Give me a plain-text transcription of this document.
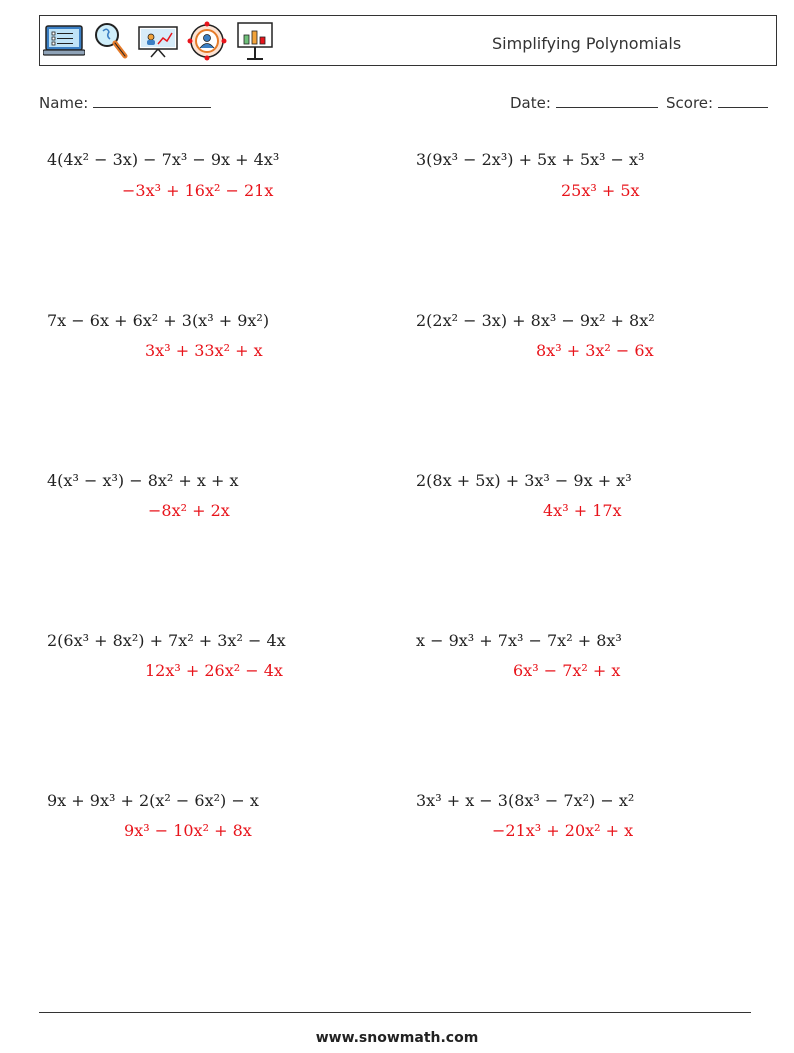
Simplifying Polynomials
Name:	Date:	Score:
4(4x² − 3x) − 7x³ − 9x + 4x³
−3x³ + 16x² − 21x
3(9x³ − 2x³) + 5x + 5x³ − x³
25x³ + 5x
7x − 6x + 6x² + 3(x³ + 9x²)
3x³ + 33x² + x
2(2x² − 3x) + 8x³ − 9x² + 8x²
8x³ + 3x² − 6x
4(x³ − x³) − 8x² + x + x
−8x² + 2x
2(8x + 5x) + 3x³ − 9x + x³
4x³ + 17x
2(6x³ + 8x²) + 7x² + 3x² − 4x
12x³ + 26x² − 4x
x − 9x³ + 7x³ − 7x² + 8x³
6x³ − 7x² + x
9x + 9x³ + 2(x² − 6x²) − x
9x³ − 10x² + 8x
3x³ + x − 3(8x³ − 7x²) − x²
−21x³ + 20x² + x
www.snowmath.com
